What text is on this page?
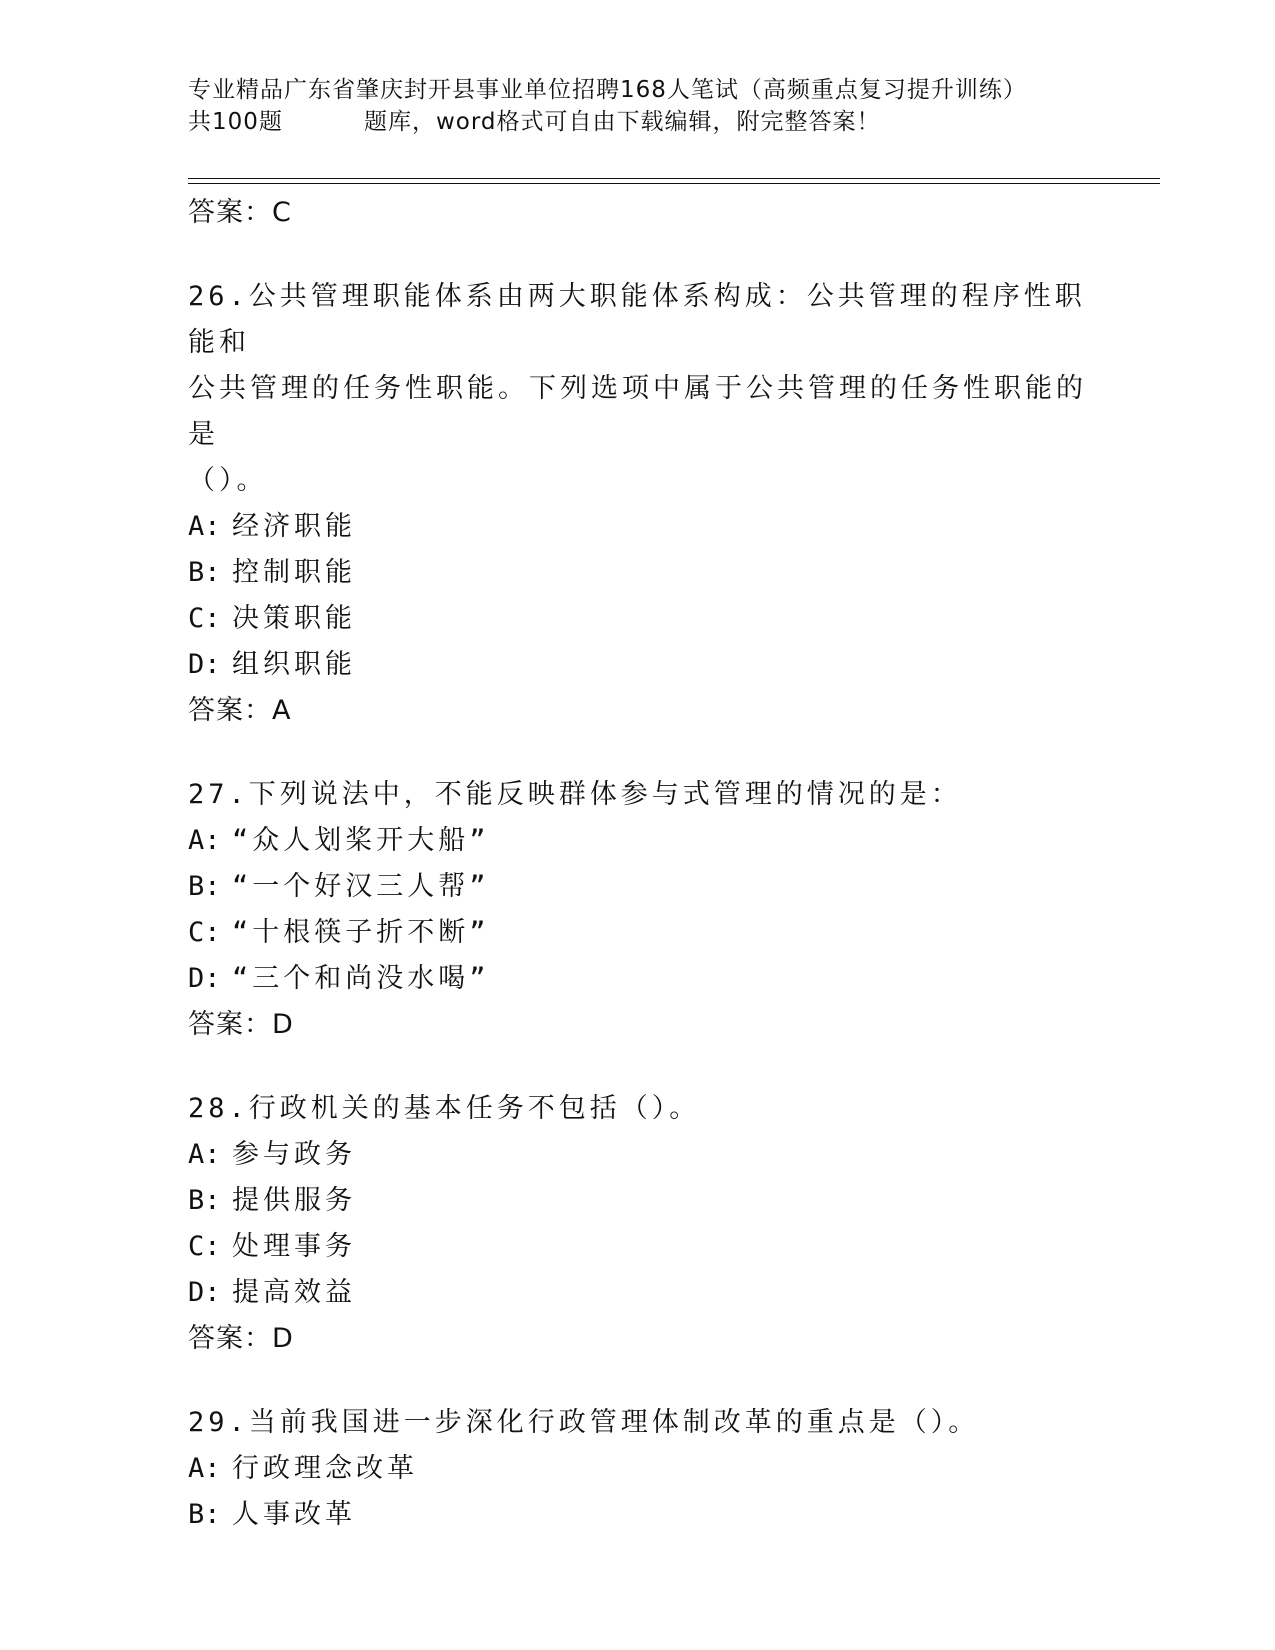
专业精品广东省肇庆封开县事业单位招聘168人笔试（高频重点复习提升训练）
共100题	题库，word格式可自由下载编辑，附完整答案！
答案：C
26.公共管理职能体系由两大职能体系构成：公共管理的程序性职能和
公共管理的任务性职能。下列选项中属于公共管理的任务性职能的是
（）。
A: 经济职能
B: 控制职能
C: 决策职能
D: 组织职能
答案：A
27.下列说法中，不能反映群体参与式管理的情况的是：
A: “众人划桨开大船”
B: “一个好汉三人帮”
C: “十根筷子折不断”
D: “三个和尚没水喝”
答案：D
28.行政机关的基本任务不包括（）。
A: 参与政务
B: 提供服务
C: 处理事务
D: 提高效益
答案：D
29.当前我国进一步深化行政管理体制改革的重点是（）。
A: 行政理念改革
B: 人事改革
